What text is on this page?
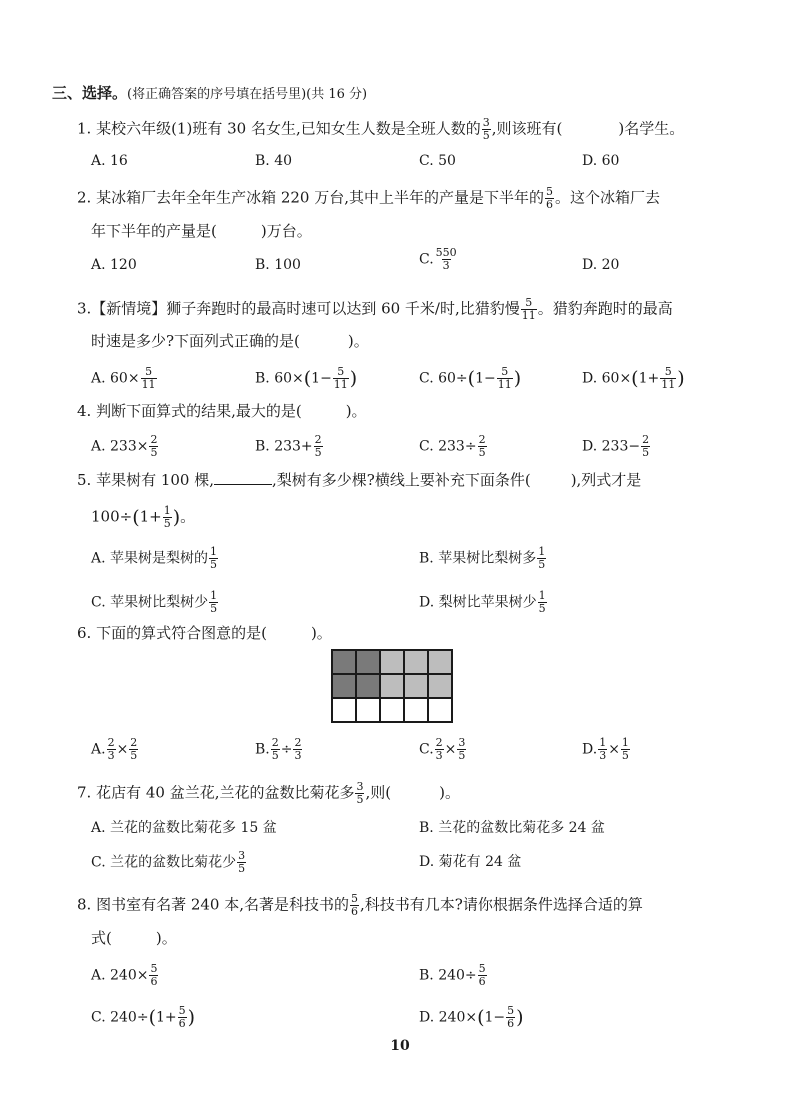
三、选择。(将正确答案的序号填在括号里)(共 16 分)
1. 某校六年级(1)班有 30 名女生,已知女生人数是全班人数的 $\frac{3}{5}$ ,则该班有(	)名学生。
A. 16	B. 40	C. 50	D. 60
2. 某冰箱厂去年全年生产冰箱 220 万台,其中上半年的产量是下半年的 $\frac{5}{6}$ 。这个冰箱厂去
年下半年的产量是(	)万台。
A. 120	B. 100	C. $\frac{550}{3}$	D. 20
3.【新情境】狮子奔跑时的最高时速可以达到 60 千米/时,比猎豹慢 $\frac{5}{11}$ 。猎豹奔跑时的最高
时速是多少?下面列式正确的是(	)。
A. $60\times \frac{5}{11}$	B. $60\times(1- \frac{5}{11}$ )	C. $60\div(1- \frac{5}{11}$ )	D. $60\times(1+ \frac{5}{11}$ )
4. 判断下面算式的结果,最大的是(	)。
A. $233\times \frac{2}{5}$	B. $233+ \frac{2}{5}$	C. $233\div \frac{2}{5}$	D. $233- \frac{2}{5}$
5. 苹果树有 100 棵,	,梨树有多少棵?横线上要补充下面条件(	),列式才是
$100\div(1+ \frac{1}{5}$ )。
A. 苹果树是梨树的 $\frac{1}{5}$	B. 苹果树比梨树多 $\frac{1}{5}$
C. 苹果树比梨树少 $\frac{1}{5}$	D. 梨树比苹果树少 $\frac{1}{5}$
6. 下面的算式符合图意的是(	)。
A. $\frac{2}{3} \times \frac{2}{5}$	B. $\frac{2}{5} \div \frac{2}{3}$	C. $\frac{2}{3} \times \frac{3}{5}$	D. $\frac{1}{3} \times \frac{1}{5}$
7. 花店有 40 盆兰花,兰花的盆数比菊花多 $\frac{3}{5}$ ,则(	)。
A. 兰花的盆数比菊花多 15 盆	B. 兰花的盆数比菊花多 24 盆
C. 兰花的盆数比菊花少 $\frac{3}{5}$	D. 菊花有 24 盆
8. 图书室有名著 240 本,名著是科技书的 $\frac{5}{6}$ ,科技书有几本?请你根据条件选择合适的算
式(	)。
A. $240\times \frac{5}{6}$	B. $240\div \frac{5}{6}$
C. $240\div(1+ \frac{5}{6}$ )	D. $240\times(1- \frac{5}{6}$ )
10
